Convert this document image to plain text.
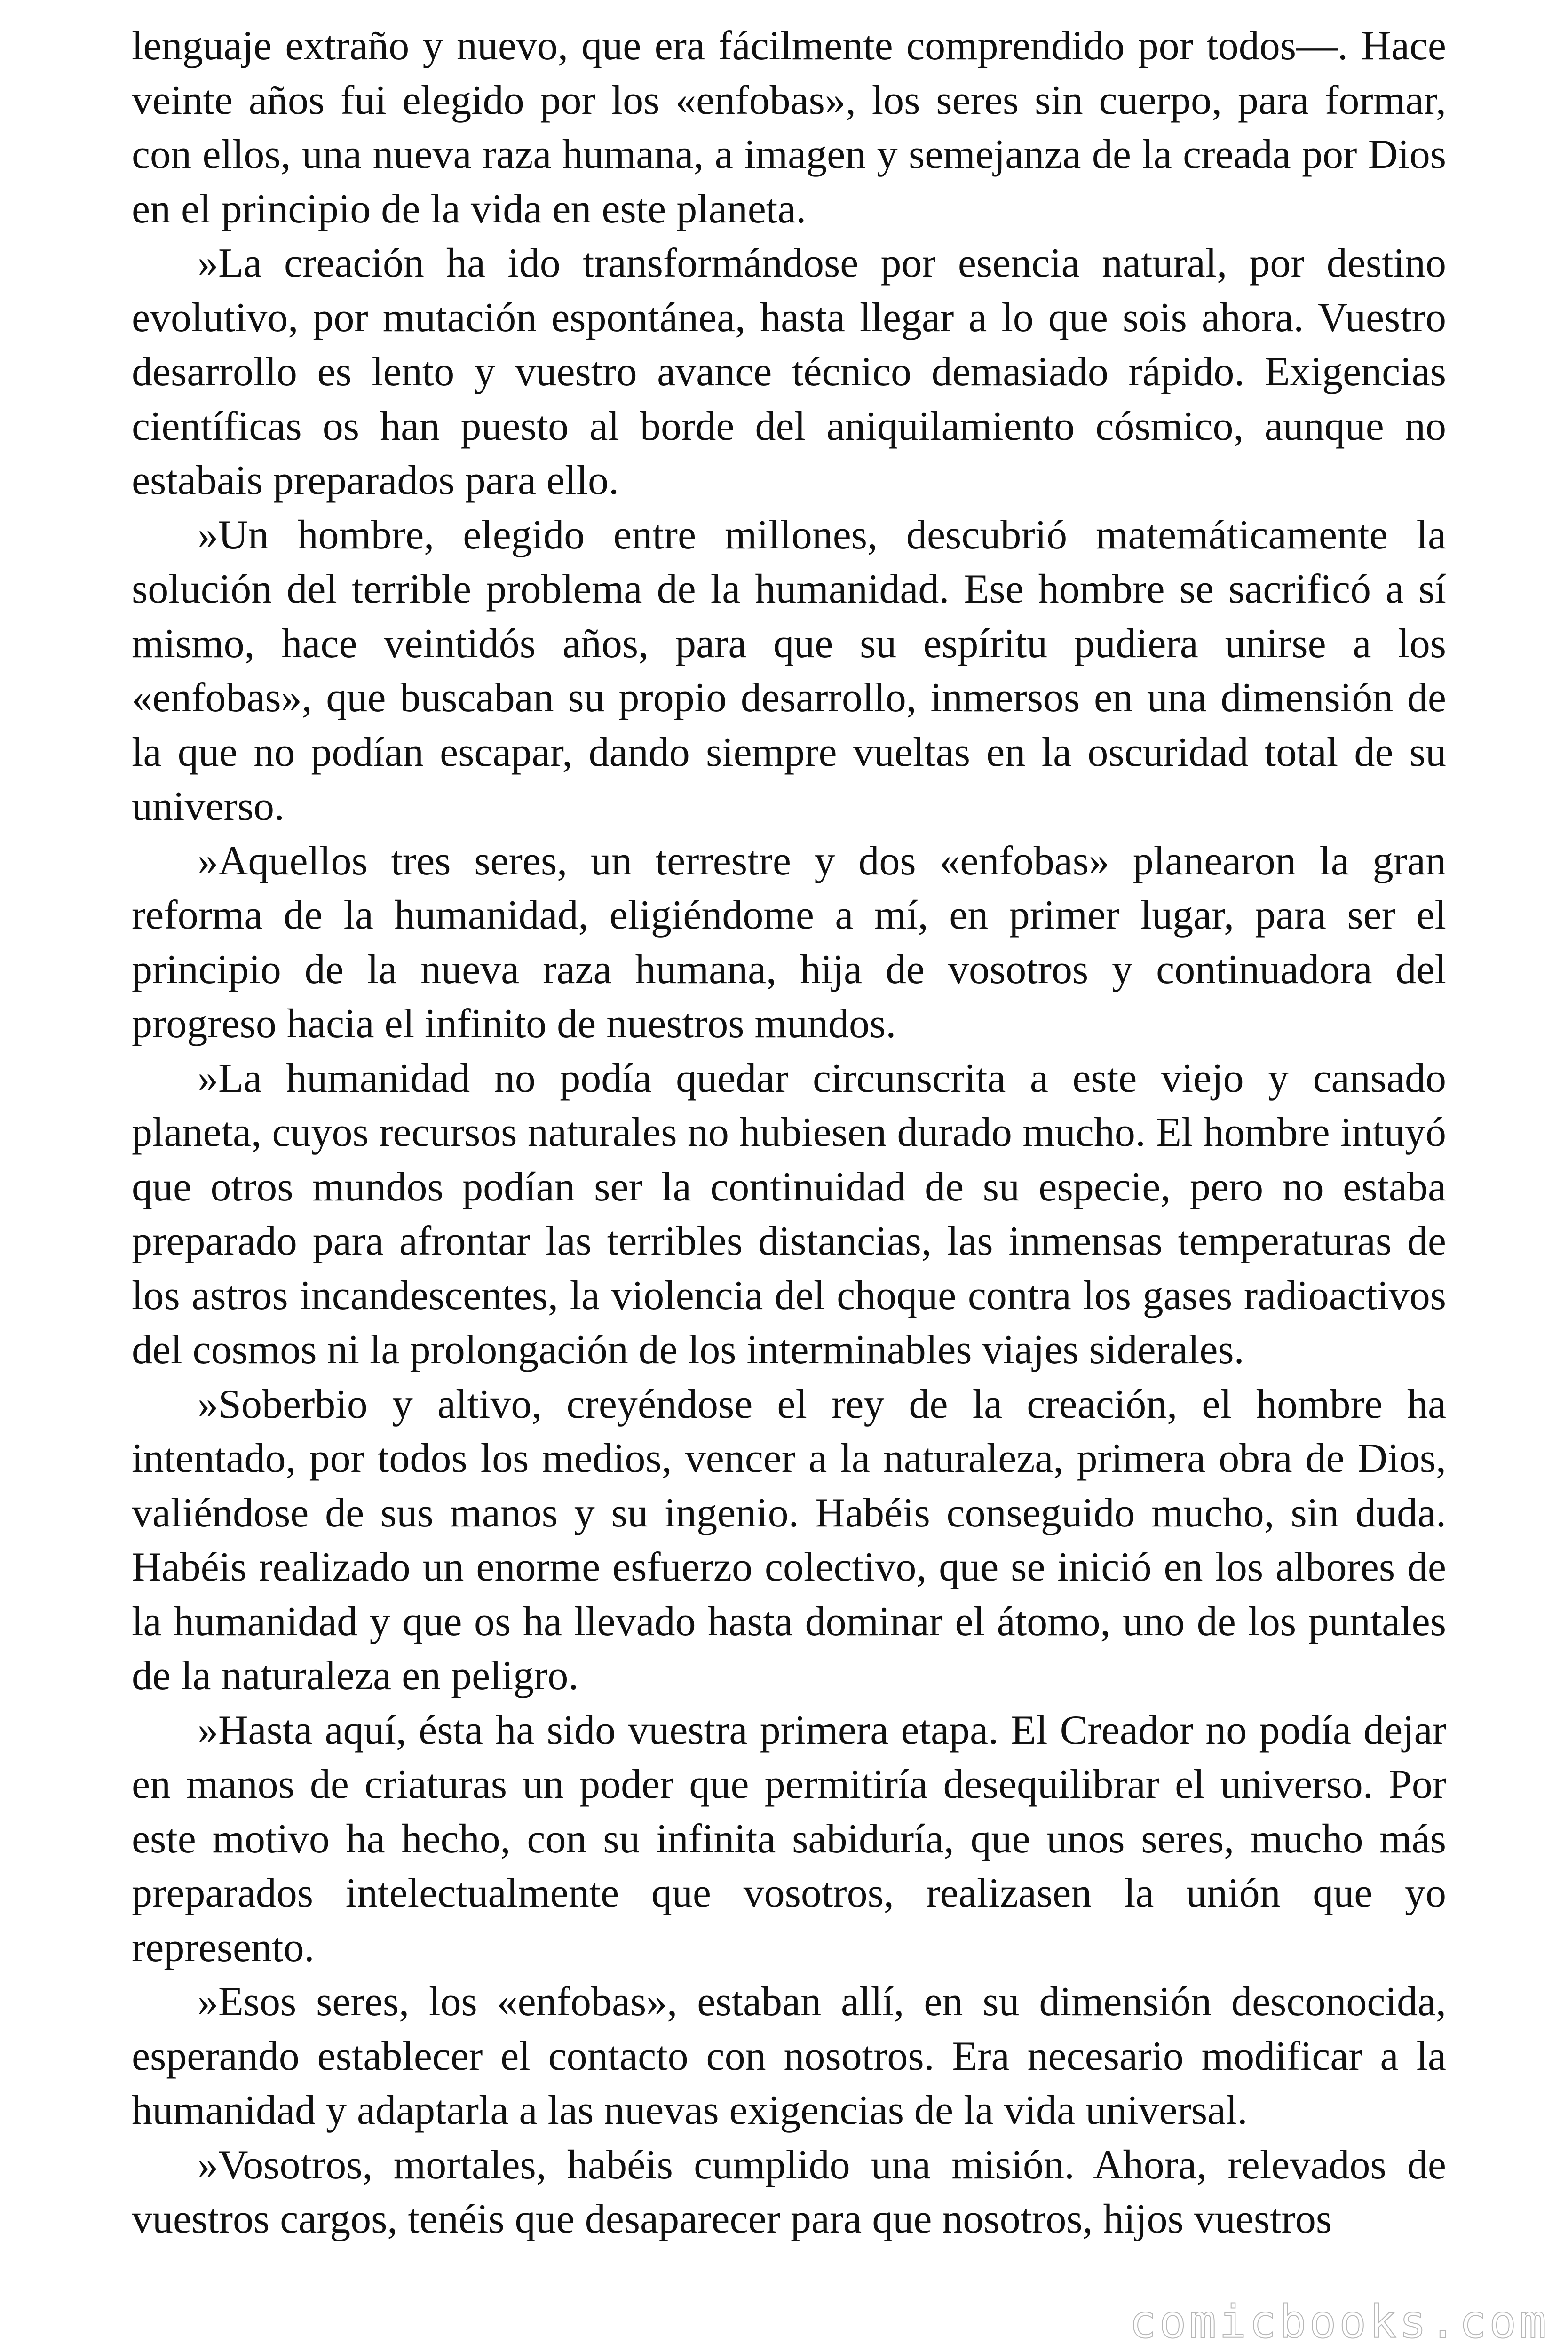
lenguaje extraño y nuevo, que era fácilmente comprendido por todos—. Hace veinte años fui elegido por los «enfobas», los seres sin cuerpo, para formar, con ellos, una nueva raza humana, a imagen y semejanza de la creada por Dios en el principio de la vida en este planeta.

»La creación ha ido transformándose por esencia natural, por destino evolutivo, por mutación espontánea, hasta llegar a lo que sois ahora. Vuestro desarrollo es lento y vuestro avance técnico demasiado rápido. Exigencias científicas os han puesto al borde del aniquilamiento cósmico, aunque no estabais preparados para ello.

»Un hombre, elegido entre millones, descubrió matemáticamente la solución del terrible problema de la humanidad. Ese hombre se sacrificó a sí mismo, hace veintidós años, para que su espíritu pudiera unirse a los «enfobas», que buscaban su propio desarrollo, inmersos en una dimensión de la que no podían escapar, dando siempre vueltas en la oscuridad total de su universo.

»Aquellos tres seres, un terrestre y dos «enfobas» planearon la gran reforma de la humanidad, eligiéndome a mí, en primer lugar, para ser el principio de la nueva raza humana, hija de vosotros y continuadora del progreso hacia el infinito de nuestros mundos.

»La humanidad no podía quedar circunscrita a este viejo y cansado planeta, cuyos recursos naturales no hubiesen durado mucho. El hombre intuyó que otros mundos podían ser la continuidad de su especie, pero no estaba preparado para afrontar las terribles distancias, las inmensas temperaturas de los astros incandescentes, la violencia del choque contra los gases radioactivos del cosmos ni la prolongación de los interminables viajes siderales.

»Soberbio y altivo, creyéndose el rey de la creación, el hombre ha intentado, por todos los medios, vencer a la naturaleza, primera obra de Dios, valiéndose de sus manos y su ingenio. Habéis conseguido mucho, sin duda. Habéis realizado un enorme esfuerzo colectivo, que se inició en los albores de la humanidad y que os ha llevado hasta dominar el átomo, uno de los puntales de la naturaleza en peligro.

»Hasta aquí, ésta ha sido vuestra primera etapa. El Creador no podía dejar en manos de criaturas un poder que permitiría desequilibrar el universo. Por este motivo ha hecho, con su infinita sabiduría, que unos seres, mucho más preparados intelectualmente que vosotros, realizasen la unión que yo represento.

»Esos seres, los «enfobas», estaban allí, en su dimensión desconocida, esperando establecer el contacto con nosotros. Era necesario modificar a la humanidad y adaptarla a las nuevas exigencias de la vida universal.

»Vosotros, mortales, habéis cumplido una misión. Ahora, relevados de vuestros cargos, tenéis que desaparecer para que nosotros, hijos vuestros

comicbooks.com
